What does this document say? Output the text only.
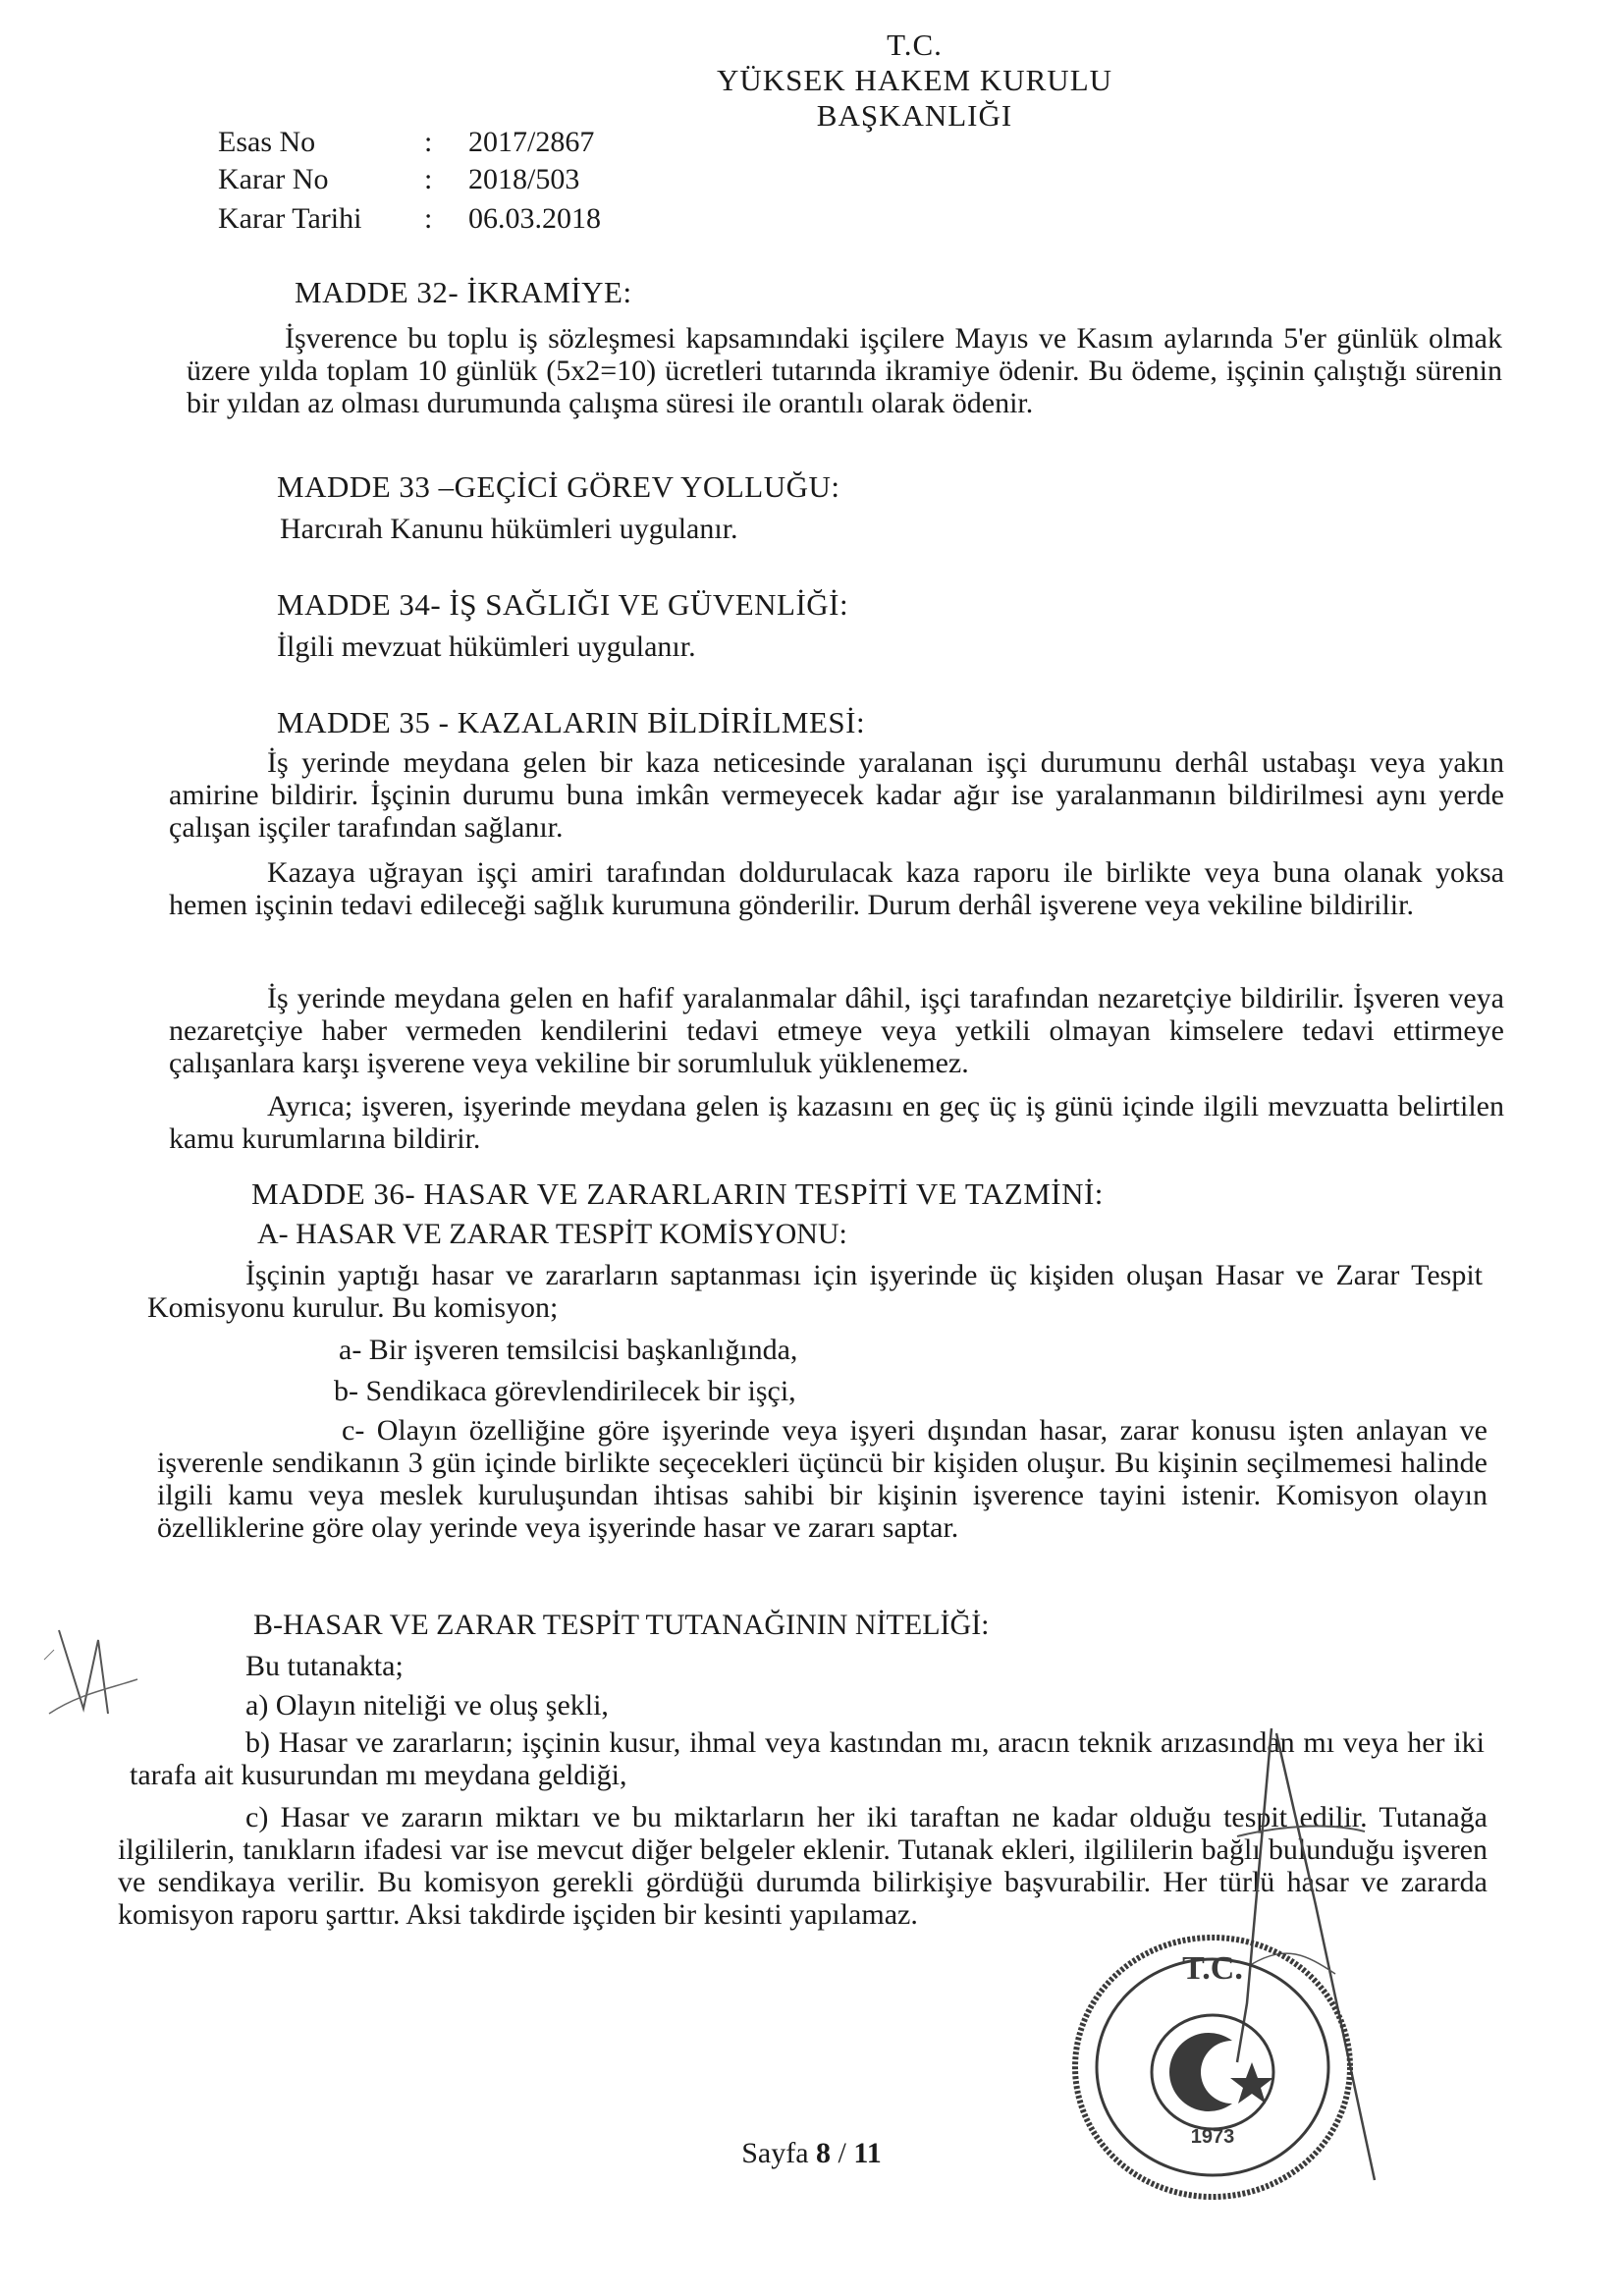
T.C.
YÜKSEK HAKEM KURULU
BAŞKANLIĞI
Esas No	:	2017/2867
Karar No	:	2018/503
Karar Tarihi	:	06.03.2018
MADDE 32- İKRAMİYE:
İşverence bu toplu iş sözleşmesi kapsamındaki işçilere Mayıs ve Kasım aylarında 5'er günlük olmak üzere yılda toplam 10 günlük (5x2=10) ücretleri tutarında ikramiye ödenir. Bu ödeme, işçinin çalıştığı sürenin bir yıldan az olması durumunda çalışma süresi ile orantılı olarak ödenir.
MADDE 33 –GEÇİCİ GÖREV YOLLUĞU:
Harcırah Kanunu hükümleri uygulanır.
MADDE 34- İŞ SAĞLIĞI VE GÜVENLİĞİ:
İlgili mevzuat hükümleri uygulanır.
MADDE 35 - KAZALARIN BİLDİRİLMESİ:
İş yerinde meydana gelen bir kaza neticesinde yaralanan işçi durumunu derhâl ustabaşı veya yakın amirine bildirir. İşçinin durumu buna imkân vermeyecek kadar ağır ise yaralanmanın bildirilmesi aynı yerde çalışan işçiler tarafından sağlanır.
Kazaya uğrayan işçi amiri tarafından doldurulacak kaza raporu ile birlikte veya buna olanak yoksa hemen işçinin tedavi edileceği sağlık kurumuna gönderilir. Durum derhâl işverene veya vekiline bildirilir.
İş yerinde meydana gelen en hafif yaralanmalar dâhil, işçi tarafından nezaretçiye bildirilir. İşveren veya nezaretçiye haber vermeden kendilerini tedavi etmeye veya yetkili olmayan kimselere tedavi ettirmeye çalışanlara karşı işverene veya vekiline bir sorumluluk yüklenemez.
Ayrıca; işveren, işyerinde meydana gelen iş kazasını en geç üç iş günü içinde ilgili mevzuatta belirtilen kamu kurumlarına bildirir.
MADDE 36- HASAR VE ZARARLARIN TESPİTİ VE TAZMİNİ:
A- HASAR VE ZARAR TESPİT KOMİSYONU:
İşçinin yaptığı hasar ve zararların saptanması için işyerinde üç kişiden oluşan Hasar ve Zarar Tespit Komisyonu kurulur. Bu komisyon;
a- Bir işveren temsilcisi başkanlığında,
b- Sendikaca görevlendirilecek bir işçi,
c- Olayın özelliğine göre işyerinde veya işyeri dışından hasar, zarar konusu işten anlayan ve işverenle sendikanın 3 gün içinde birlikte seçecekleri üçüncü bir kişiden oluşur. Bu kişinin seçilmemesi halinde ilgili kamu veya meslek kuruluşundan ihtisas sahibi bir kişinin işverence tayini istenir. Komisyon olayın özelliklerine göre olay yerinde veya işyerinde hasar ve zararı saptar.
B-HASAR VE ZARAR TESPİT TUTANAĞININ NİTELİĞİ:
Bu tutanakta;
a) Olayın niteliği ve oluş şekli,
b) Hasar ve zararların; işçinin kusur, ihmal veya kastından mı, aracın teknik arızasından mı veya her iki tarafa ait kusurundan mı meydana geldiği,
c) Hasar ve zararın miktarı ve bu miktarların her iki taraftan ne kadar olduğu tespit edilir. Tutanağa ilgililerin, tanıkların ifadesi var ise mevcut diğer belgeler eklenir. Tutanak ekleri, ilgililerin bağlı bulunduğu işveren ve sendikaya verilir. Bu komisyon gerekli gördüğü durumda bilirkişiye başvurabilir. Her türlü hasar ve zararda komisyon raporu şarttır. Aksi takdirde işçiden bir kesinti yapılamaz.
T.C.
1973
Sayfa 8 / 11
